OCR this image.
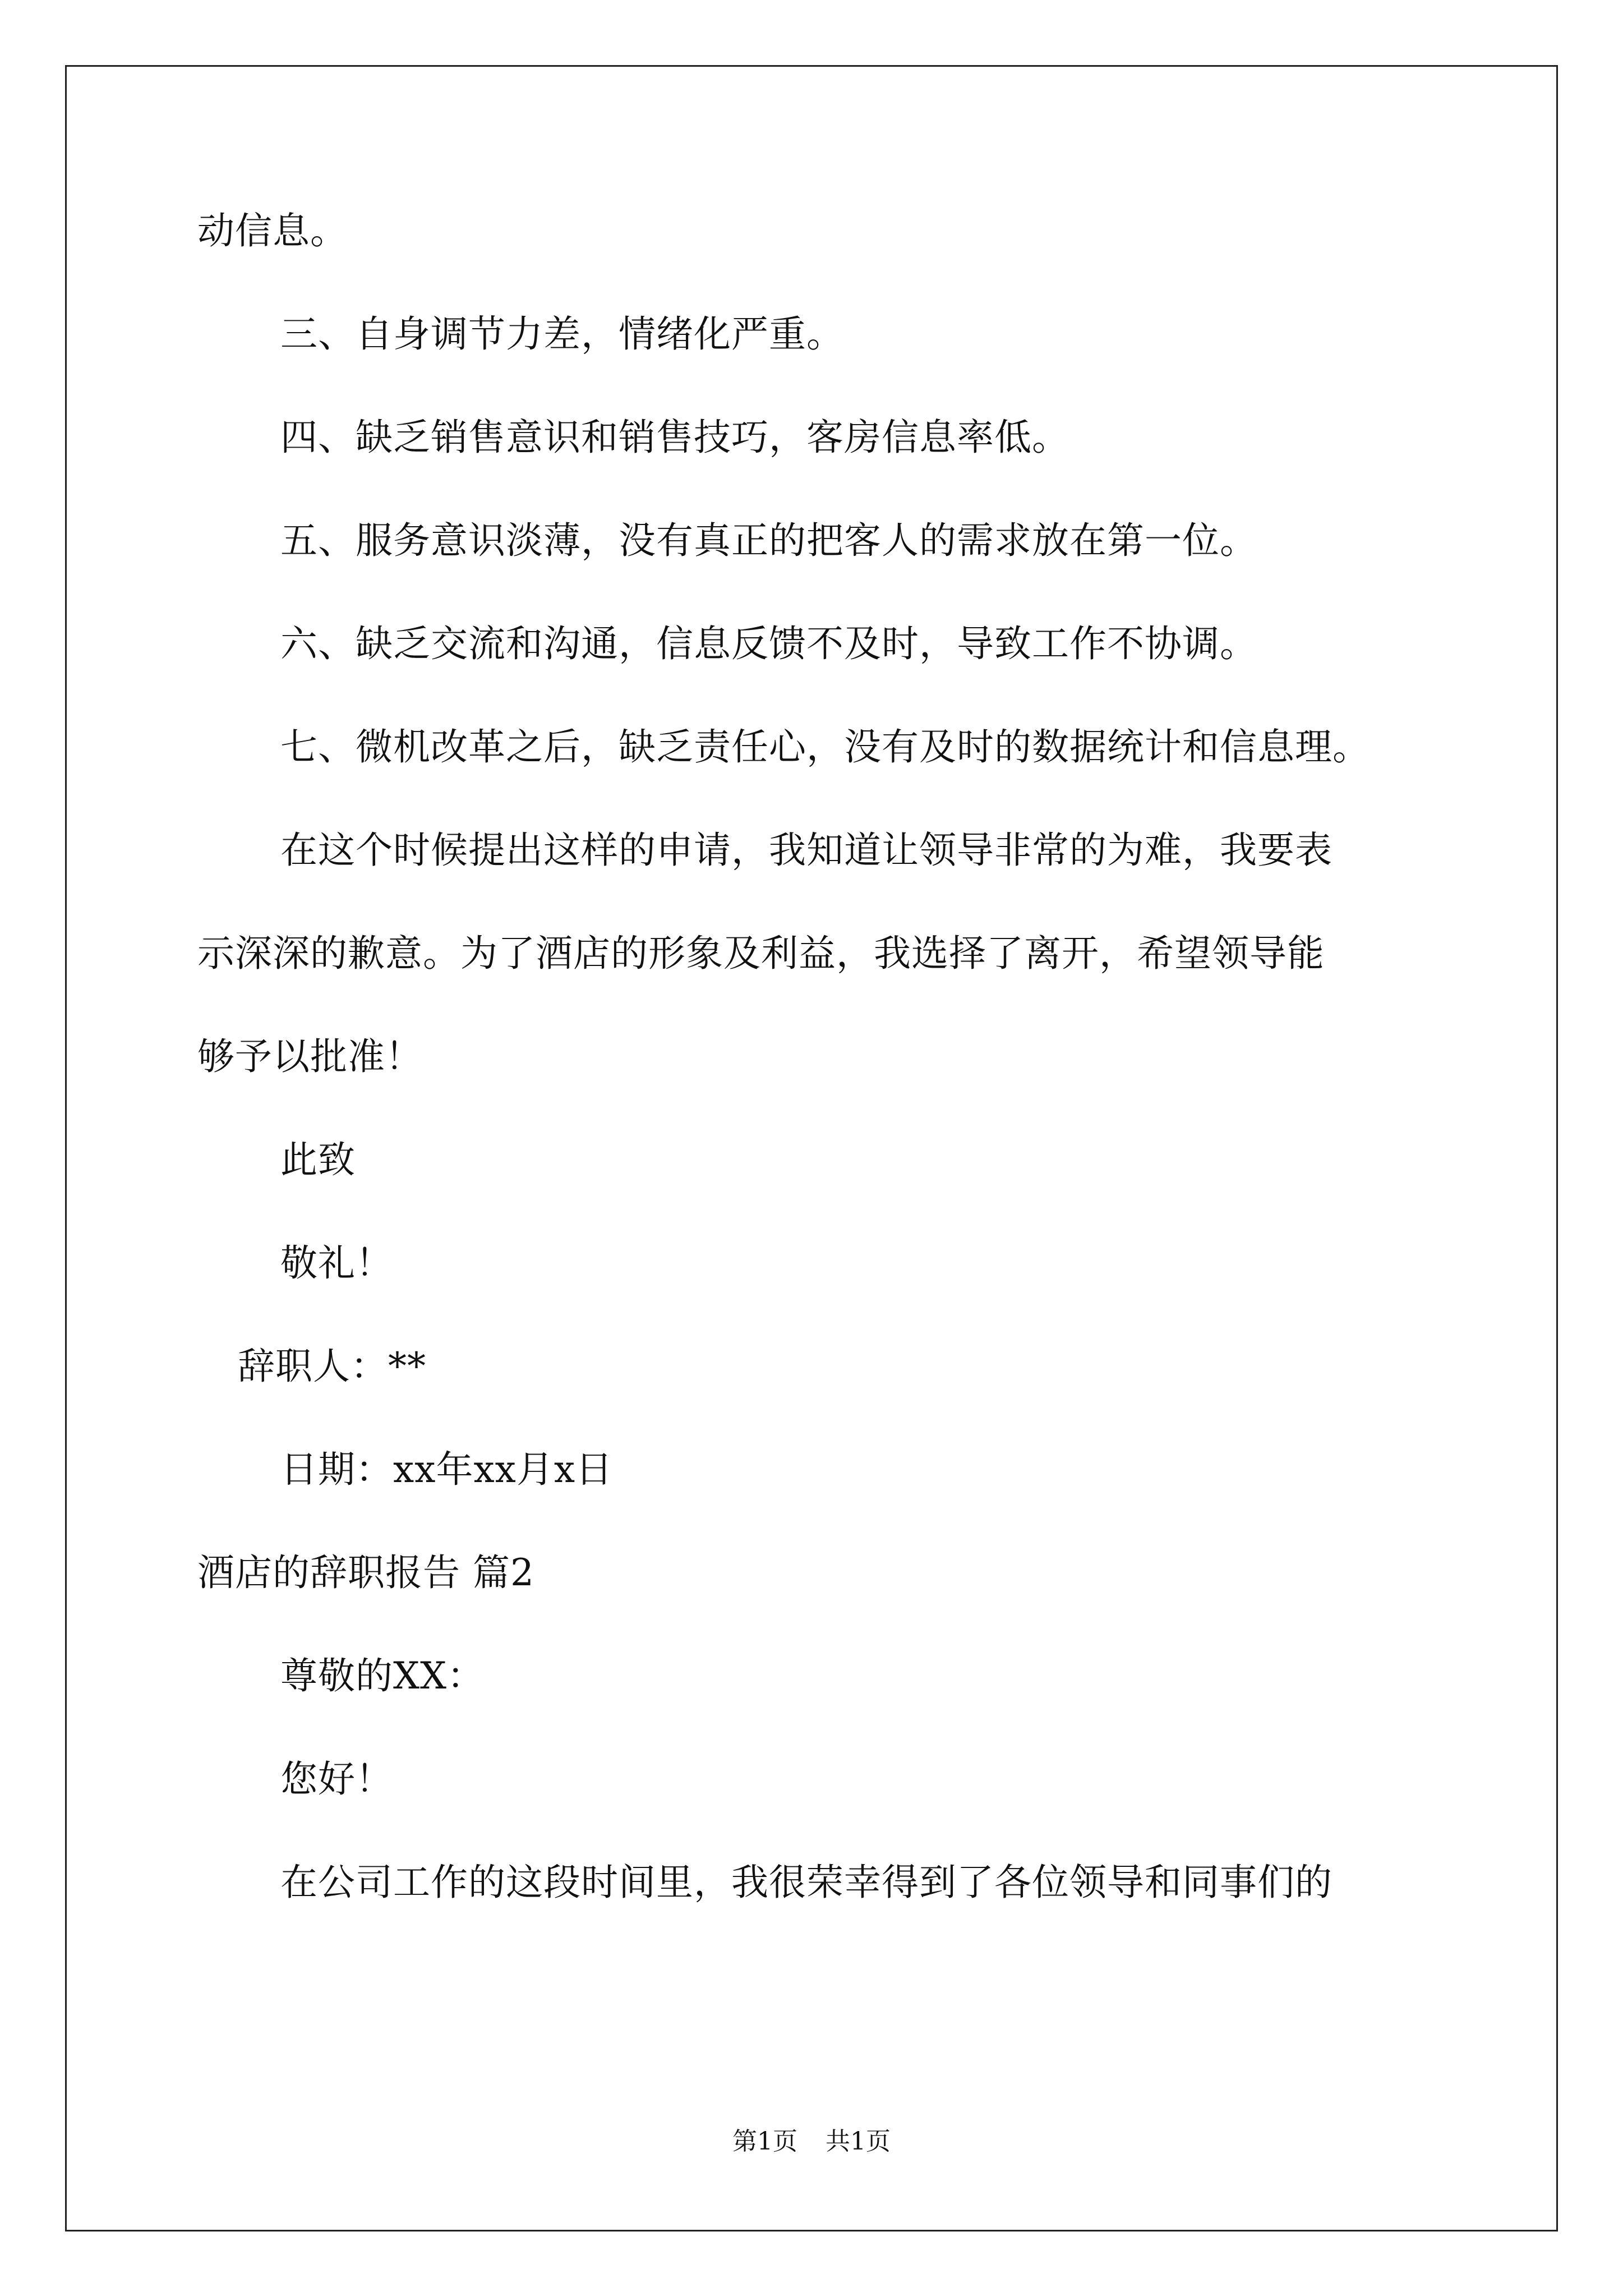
动信息。
三、自身调节力差，情绪化严重。
四、缺乏销售意识和销售技巧，客房信息率低。
五、服务意识淡薄，没有真正的把客人的需求放在第一位。
六、缺乏交流和沟通，信息反馈不及时，导致工作不协调。
七、微机改革之后，缺乏责任心，没有及时的数据统计和信息理。
在这个时候提出这样的申请，我知道让领导非常的为难，我要表
示深深的歉意。为了酒店的形象及利益，我选择了离开，希望领导能
够予以批准！
此致
敬礼！
辞职人：**
日期：xx年xx月x日
酒店的辞职报告 篇2
尊敬的XX：
您好！
在公司工作的这段时间里，我很荣幸得到了各位领导和同事们的
第1页 共1页
